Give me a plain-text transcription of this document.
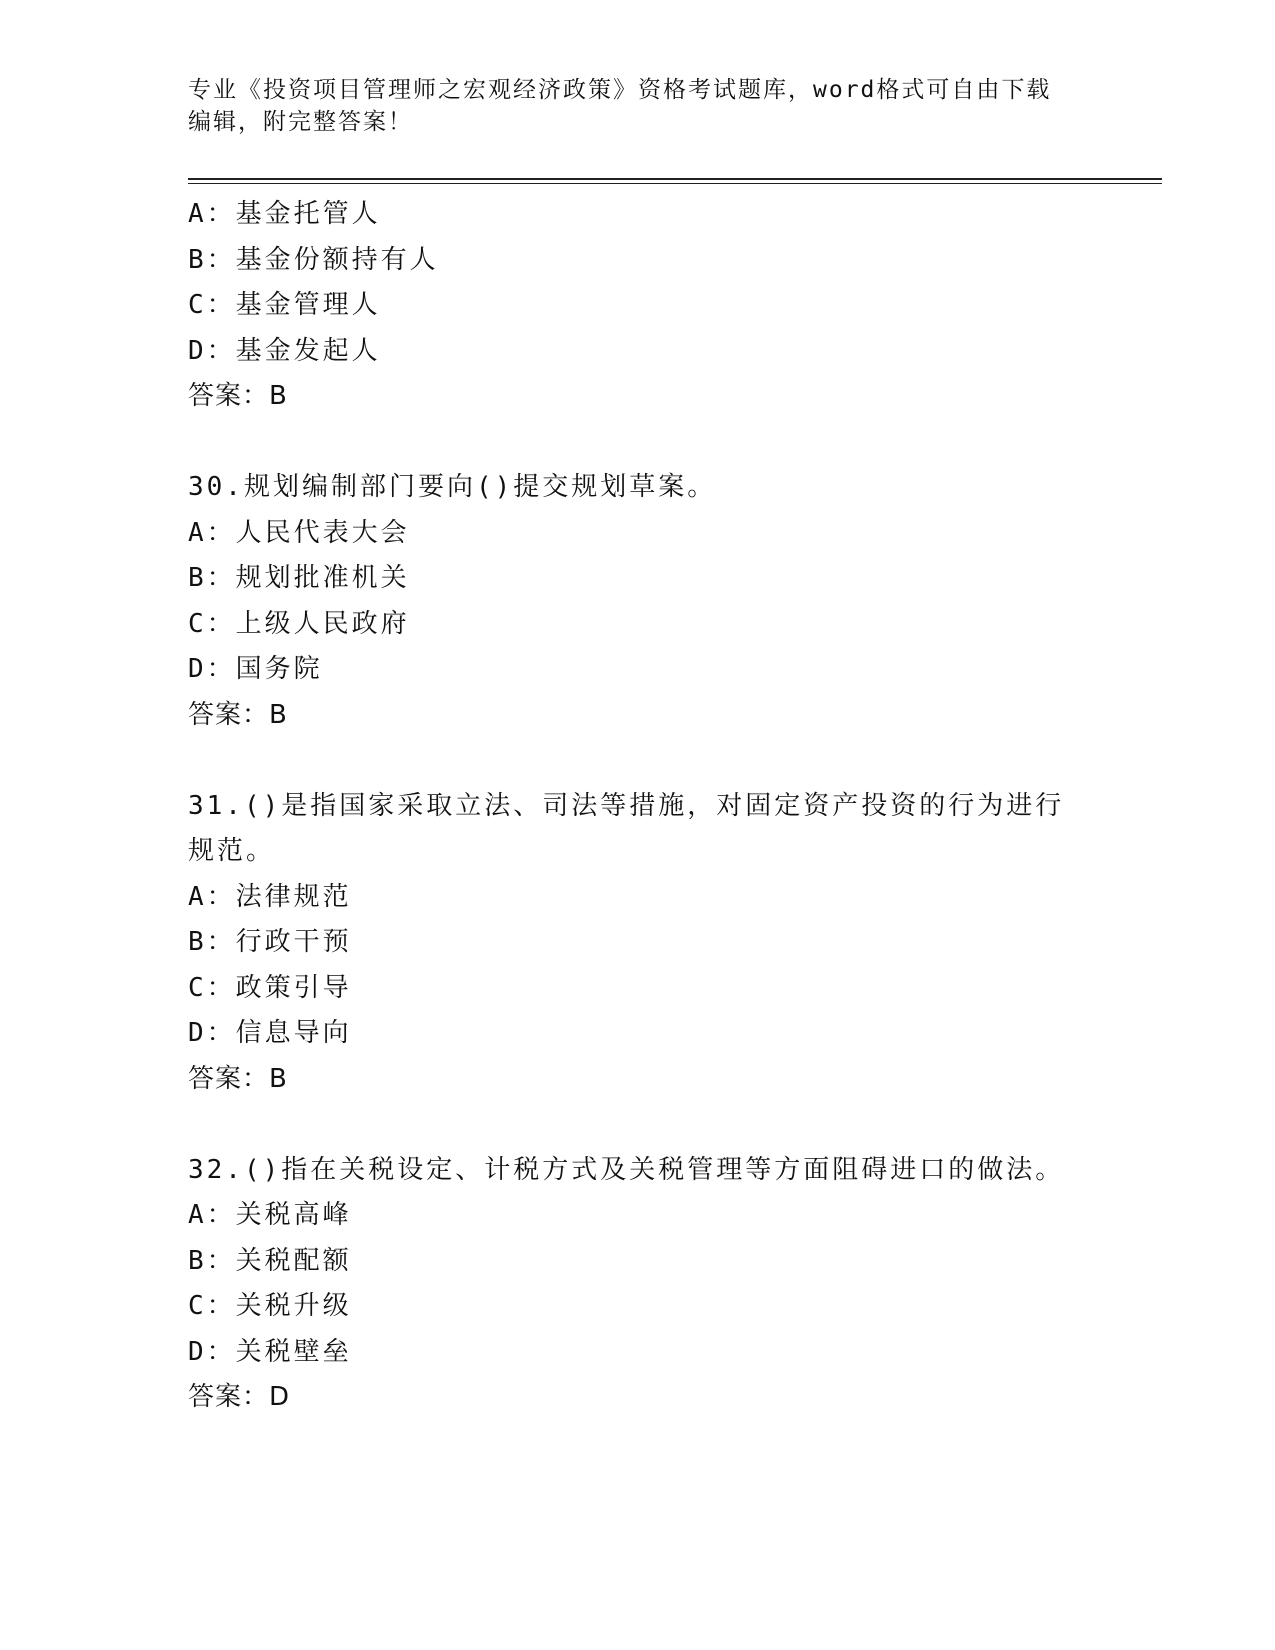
专业《投资项目管理师之宏观经济政策》资格考试题库，word格式可自由下载编辑，附完整答案！
A：基金托管人
B：基金份额持有人
C：基金管理人
D：基金发起人
答案：B
30.规划编制部门要向()提交规划草案。
A：人民代表大会
B：规划批准机关
C：上级人民政府
D：国务院
答案：B
31.()是指国家采取立法、司法等措施，对固定资产投资的行为进行规范。
A：法律规范
B：行政干预
C：政策引导
D：信息导向
答案：B
32.()指在关税设定、计税方式及关税管理等方面阻碍进口的做法。
A：关税高峰
B：关税配额
C：关税升级
D：关税壁垒
答案：D
